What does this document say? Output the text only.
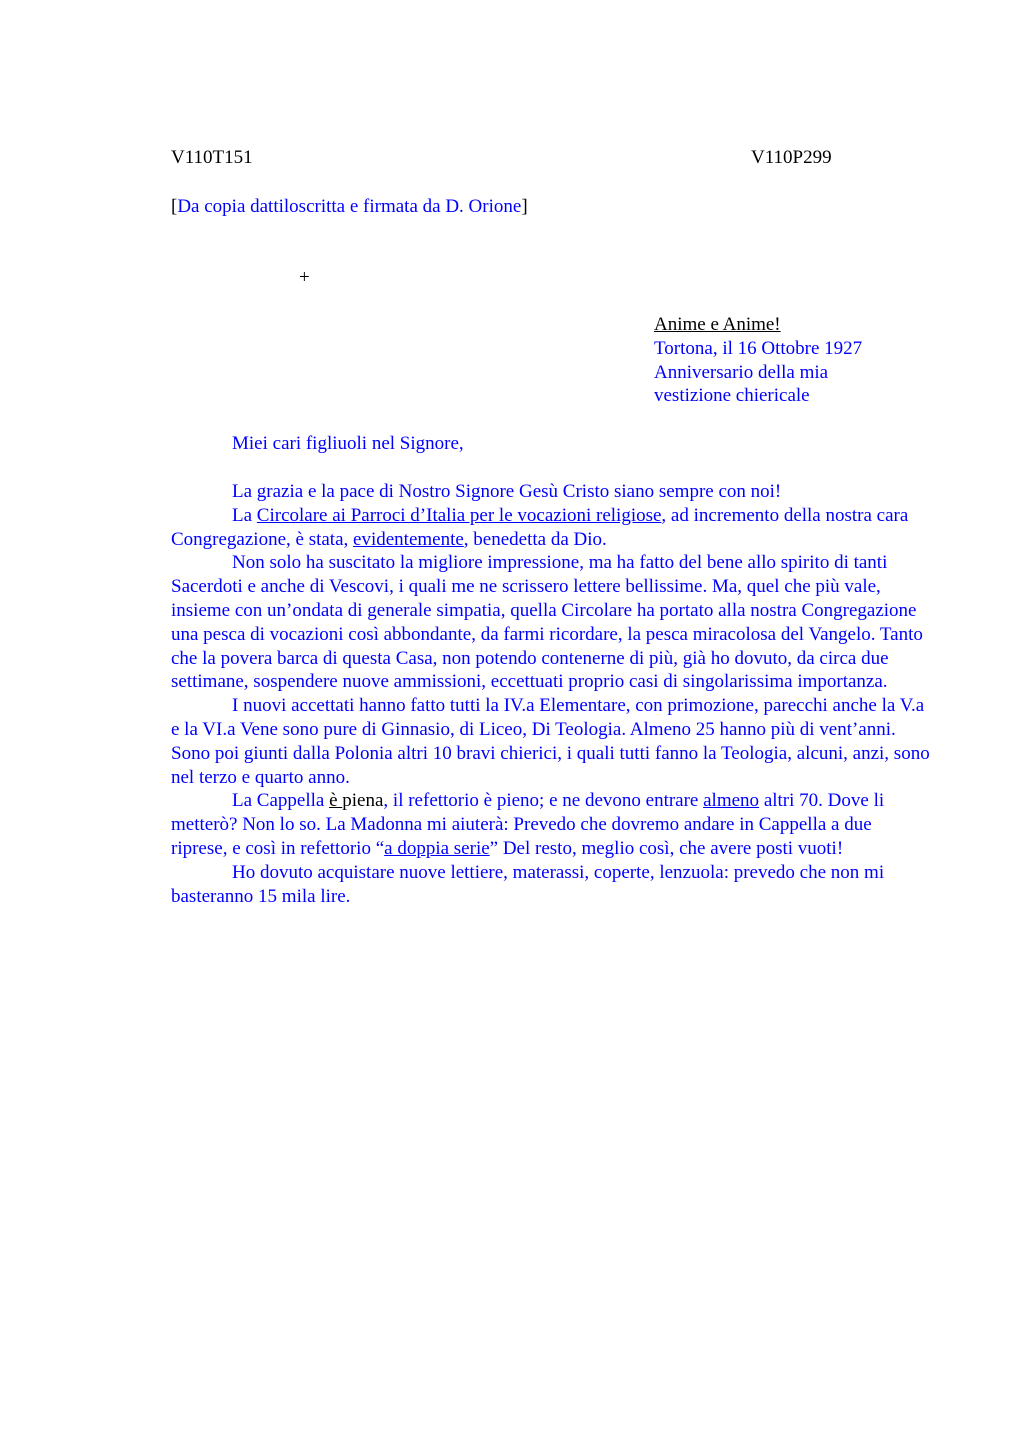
V110T151	V110P299
[Da copia dattiloscritta e firmata da D. Orione]
+
Anime e Anime!
Tortona, il 16 Ottobre 1927
Anniversario della mia
vestizione chiericale
Miei cari figliuoli nel Signore,

La grazia e la pace di Nostro Signore Gesù Cristo siano sempre con noi!

La Circolare ai Parroci d’Italia per le vocazioni religiose, ad incremento della nostra cara Congregazione, è stata, evidentemente, benedetta da Dio.

Non solo ha suscitato la migliore impressione, ma ha fatto del bene allo spirito di tanti Sacerdoti e anche di Vescovi, i quali me ne scrissero lettere bellissime. Ma, quel che più vale, insieme con un’ondata di generale simpatia, quella Circolare ha portato alla nostra Congregazione una pesca di vocazioni così abbondante, da farmi ricordare, la pesca miracolosa del Vangelo. Tanto che la povera barca di questa Casa, non potendo contenerne di più, già ho dovuto, da circa due settimane, sospendere nuove ammissioni, eccettuati proprio casi di singolarissima importanza.

I nuovi accettati hanno fatto tutti la IV.a Elementare, con primozione, parecchi anche la V.a e la VI.a Vene sono pure di Ginnasio, di Liceo, Di Teologia. Almeno 25 hanno più di vent’anni. Sono poi giunti dalla Polonia altri 10 bravi chierici, i quali tutti fanno la Teologia, alcuni, anzi, sono nel terzo e quarto anno.

La Cappella è piena, il refettorio è pieno; e ne devono entrare almeno altri 70. Dove li metterò? Non lo so. La Madonna mi aiuterà: Prevedo che dovremo andare in Cappella a due riprese, e così in refettorio “a doppia serie” Del resto, meglio così, che avere posti vuoti!

Ho dovuto acquistare nuove lettiere, materassi, coperte, lenzuola: prevedo che non mi basteranno 15 mila lire.
